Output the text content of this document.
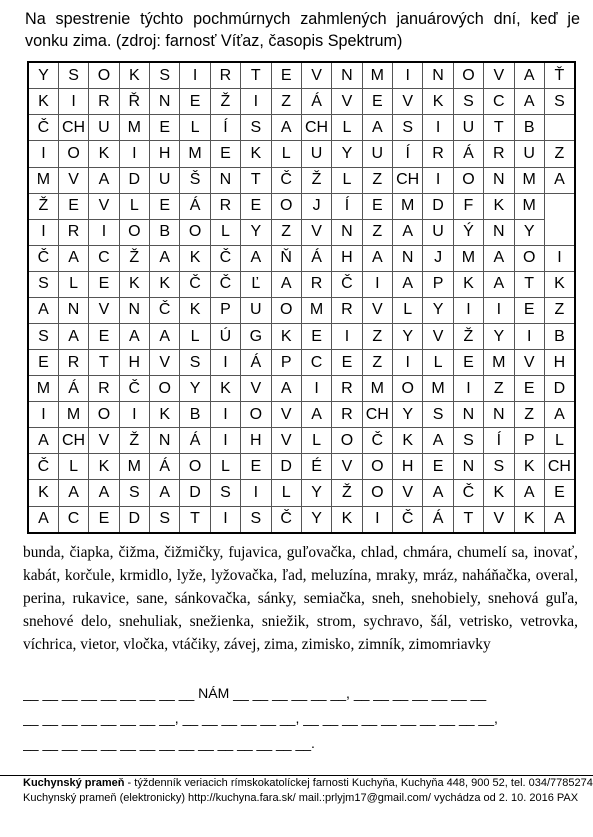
Na spestrenie týchto pochmúrnych zahmlených januárových dní, keď je vonku zima. (zdroj: farnosť Víťaz, časopis Spektrum)

Y	S	O	K	S	I	R	T	E	V	N	M	I	N	O	V	A	Ť
K	I	R	Ř	N	E	Ž	I	Z	Á	V	E	V	K	S	C	A	S
Č	CH	U	M	E	L	Í	S	A	CH	L	A	S	I	U	T	B	
I	O	K	I	H	M	E	K	L	U	Y	U	Í	R	Á	R	U	Z
M	V	A	D	U	Š	N	T	Č	Ž	L	Z	CH	I	O	N	M	A
Ž	E	V	L	E	Á	R	E	O	J	Í	E	M	D	F	K	M	
I	R	I	O	B	O	L	Y	Z	V	N	Z	A	U	Ý	N	Y	
Č	A	C	Ž	A	K	Č	A	Ň	Á	H	A	N	J	M	A	O	I
S	L	E	K	K	Č	Č	Ľ	A	R	Č	I	A	P	K	A	T	K
A	N	V	N	Č	K	P	U	O	M	R	V	L	Y	I	I	E	Z
S	A	E	A	A	L	Ú	G	K	E	I	Z	Y	V	Ž	Y	I	B
E	R	T	H	V	S	I	Á	P	C	E	Z	I	L	E	M	V	H
M	Á	R	Č	O	Y	K	V	A	I	R	M	O	M	I	Z	E	D
I	M	O	I	K	B	I	O	V	A	R	CH	Y	S	N	N	Z	A
A	CH	V	Ž	N	Á	I	H	V	L	O	Č	K	A	S	Í	P	L
Č	L	K	M	Á	O	L	E	D	É	V	O	H	E	N	S	K	CH
K	A	A	S	A	D	S	I	L	Y	Ž	O	V	A	Č	K	A	E
A	C	E	D	S	T	I	S	Č	Y	K	I	Č	Á	T	V	K	A

bunda, čiapka, čižma, čižmičky, fujavica, guľovačka, chlad, chmára, chumelí sa, inovať, kabát, korčule, krmidlo, lyže, lyžovačka, ľad, meluzína, mraky, mráz, naháňačka, overal, perina, rukavice, sane, sánkovačka, sánky, semiačka, sneh, snehobiely, snehová guľa, snehové delo, snehuliak, snežienka, sniežik, strom, sychravo, šál, vetrisko, vetrovka, víchrica, vietor, vločka, vtáčiky, závej, zima, zimisko, zimník, zimomriavky

__ __ __ __ __ __ __ __ __ NÁM __ __ __ __ __ __, __ __ __ __ __ __ __

__ __ __ __ __ __ __ __, __ __ __ __ __ __, __ __ __ __ __ __ __ __ __ __,

__ __ __ __ __ __ __ __ __ __ __ __ __ __ __.

Kuchynský prameň - týždenník veriacich rímskokatolíckej farnosti Kuchyňa, Kuchyňa 448, 900 52, tel. 034/7785274

Kuchynský prameň (elektronicky) http://kuchyna.fara.sk/ mail.:prlyjm17@gmail.com/ vychádza od 2. 10. 2016 PAX
